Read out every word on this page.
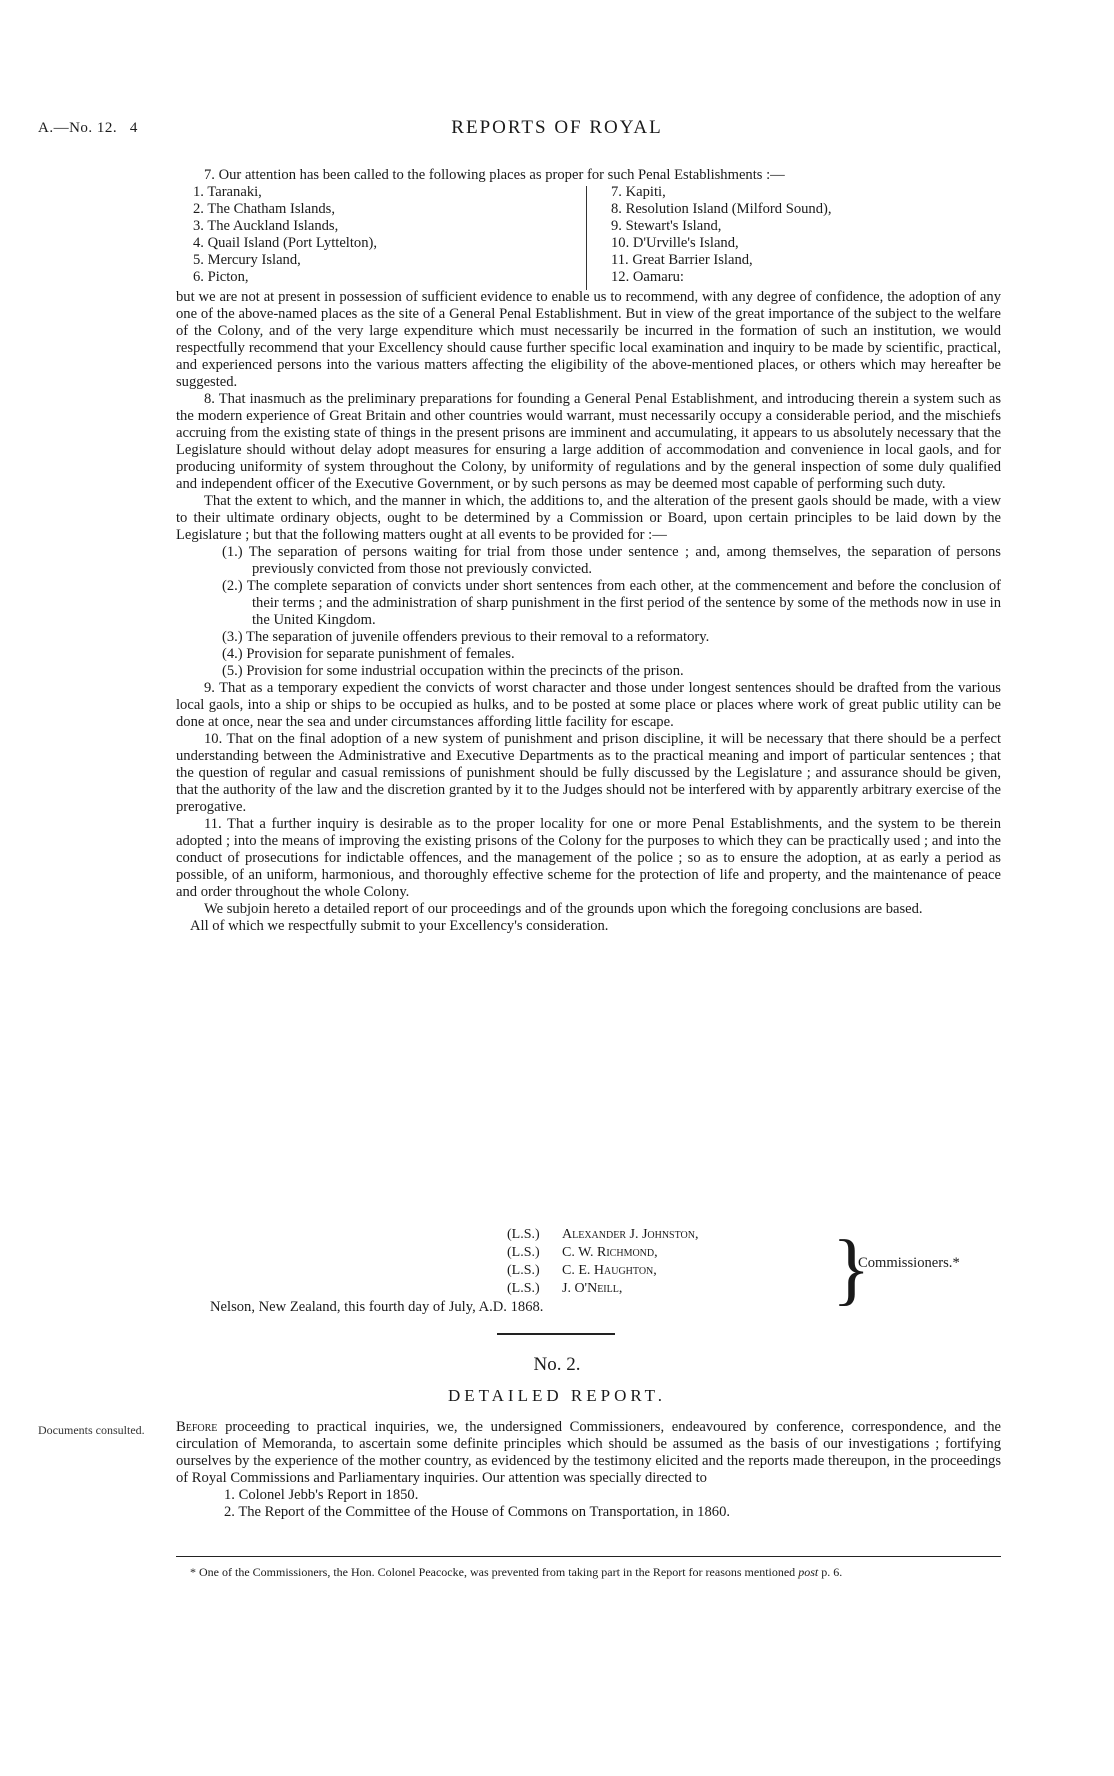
A.—No. 12. 4	REPORTS OF ROYAL

7. Our attention has been called to the following places as proper for such Penal Establishments :—

1. Taranaki,
2. The Chatham Islands,
3. The Auckland Islands,
4. Quail Island (Port Lyttelton),
5. Mercury Island,
6. Picton,
7. Kapiti,
8. Resolution Island (Milford Sound),
9. Stewart's Island,
10. D'Urville's Island,
11. Great Barrier Island,
12. Oamaru:

but we are not at present in possession of sufficient evidence to enable us to recommend, with any degree of confidence, the adoption of any one of the above-named places as the site of a General Penal Establishment. But in view of the great importance of the subject to the welfare of the Colony, and of the very large expenditure which must necessarily be incurred in the formation of such an institution, we would respectfully recommend that your Excellency should cause further specific local examination and inquiry to be made by scientific, practical, and experienced persons into the various matters affecting the eligibility of the above-mentioned places, or others which may hereafter be suggested.

8. That inasmuch as the preliminary preparations for founding a General Penal Establishment, and introducing therein a system such as the modern experience of Great Britain and other countries would warrant, must necessarily occupy a considerable period, and the mischiefs accruing from the existing state of things in the present prisons are imminent and accumulating, it appears to us absolutely necessary that the Legislature should without delay adopt measures for ensuring a large addition of accommodation and convenience in local gaols, and for producing uniformity of system throughout the Colony, by uniformity of regulations and by the general inspection of some duly qualified and independent officer of the Executive Government, or by such persons as may be deemed most capable of performing such duty.

That the extent to which, and the manner in which, the additions to, and the alteration of the present gaols should be made, with a view to their ultimate ordinary objects, ought to be determined by a Commission or Board, upon certain principles to be laid down by the Legislature ; but that the following matters ought at all events to be provided for :—

(1.) The separation of persons waiting for trial from those under sentence ; and, among themselves, the separation of persons previously convicted from those not previously convicted.

(2.) The complete separation of convicts under short sentences from each other, at the commencement and before the conclusion of their terms ; and the administration of sharp punishment in the first period of the sentence by some of the methods now in use in the United Kingdom.

(3.) The separation of juvenile offenders previous to their removal to a reformatory.

(4.) Provision for separate punishment of females.

(5.) Provision for some industrial occupation within the precincts of the prison.

9. That as a temporary expedient the convicts of worst character and those under longest sentences should be drafted from the various local gaols, into a ship or ships to be occupied as hulks, and to be posted at some place or places where work of great public utility can be done at once, near the sea and under circumstances affording little facility for escape.

10. That on the final adoption of a new system of punishment and prison discipline, it will be necessary that there should be a perfect understanding between the Administrative and Executive Departments as to the practical meaning and import of particular sentences ; that the question of regular and casual remissions of punishment should be fully discussed by the Legislature ; and assurance should be given, that the authority of the law and the discretion granted by it to the Judges should not be interfered with by apparently arbitrary exercise of the prerogative.

11. That a further inquiry is desirable as to the proper locality for one or more Penal Establishments, and the system to be therein adopted ; into the means of improving the existing prisons of the Colony for the purposes to which they can be practically used ; and into the conduct of prosecutions for indictable offences, and the management of the police ; so as to ensure the adoption, at as early a period as possible, of an uniform, harmonious, and thoroughly effective scheme for the protection of life and property, and the maintenance of peace and order throughout the whole Colony.

We subjoin hereto a detailed report of our proceedings and of the grounds upon which the foregoing conclusions are based.

All of which we respectfully submit to your Excellency's consideration.

(L.S.) Alexander J. Johnston,
(L.S.) C. W. Richmond,
(L.S.) C. E. Haughton,
(L.S.) J. O'Neill,	}
Commissioners.*
Nelson, New Zealand, this fourth day of July, A.D. 1868.
No. 2.
DETAILED REPORT.
Documents consulted.	Before proceeding to practical inquiries, we, the undersigned Commissioners, endeavoured by conference, correspondence, and the circulation of Memoranda, to ascertain some definite principles which should be assumed as the basis of our investigations ; fortifying ourselves by the experience of the mother country, as evidenced by the testimony elicited and the reports made thereupon, in the proceedings of Royal Commissions and Parliamentary inquiries. Our attention was specially directed to

1. Colonel Jebb's Report in 1850.

2. The Report of the Committee of the House of Commons on Transportation, in 1860.

* One of the Commissioners, the Hon. Colonel Peacocke, was prevented from taking part in the Report for reasons mentioned post p. 6.
